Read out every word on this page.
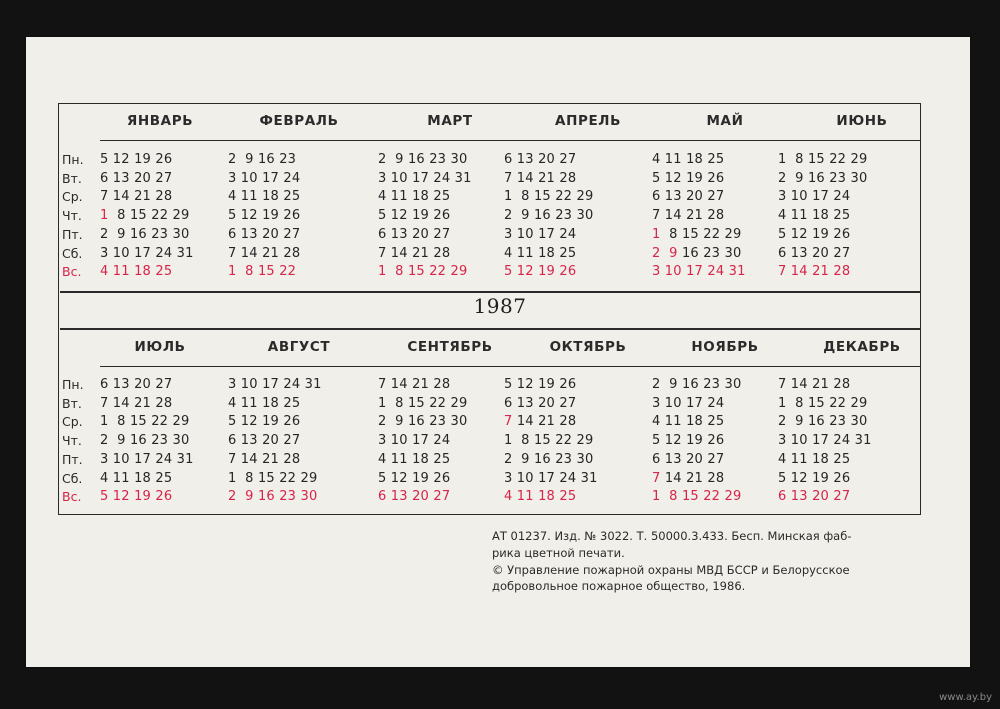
1987
Пн.
Вт.
Ср.
Чт.
Пт.
Сб.
Вс.
ЯНВАРЬ
5 12 19 26
6 13 20 27
7 14 21 28
1  8 15 22 29
2  9 16 23 30
3 10 17 24 31
4 11 18 25
ФЕВРАЛЬ
2  9 16 23
3 10 17 24
4 11 18 25
5 12 19 26
6 13 20 27
7 14 21 28
1  8 15 22
МАРТ
2  9 16 23 30
3 10 17 24 31
4 11 18 25
5 12 19 26
6 13 20 27
7 14 21 28
1  8 15 22 29
АПРЕЛЬ
6 13 20 27
7 14 21 28
1  8 15 22 29
2  9 16 23 30
3 10 17 24
4 11 18 25
5 12 19 26
МАЙ
4 11 18 25
5 12 19 26
6 13 20 27
7 14 21 28
1  8 15 22 29
2  9 16 23 30
3 10 17 24 31
ИЮНЬ
1  8 15 22 29
2  9 16 23 30
3 10 17 24
4 11 18 25
5 12 19 26
6 13 20 27
7 14 21 28
Пн.
Вт.
Ср.
Чт.
Пт.
Сб.
Вс.
ИЮЛЬ
6 13 20 27
7 14 21 28
1  8 15 22 29
2  9 16 23 30
3 10 17 24 31
4 11 18 25
5 12 19 26
АВГУСТ
3 10 17 24 31
4 11 18 25
5 12 19 26
6 13 20 27
7 14 21 28
1  8 15 22 29
2  9 16 23 30
СЕНТЯБРЬ
7 14 21 28
1  8 15 22 29
2  9 16 23 30
3 10 17 24
4 11 18 25
5 12 19 26
6 13 20 27
ОКТЯБРЬ
5 12 19 26
6 13 20 27
7 14 21 28
1  8 15 22 29
2  9 16 23 30
3 10 17 24 31
4 11 18 25
НОЯБРЬ
2  9 16 23 30
3 10 17 24
4 11 18 25
5 12 19 26
6 13 20 27
7 14 21 28
1  8 15 22 29
ДЕКАБРЬ
7 14 21 28
1  8 15 22 29
2  9 16 23 30
3 10 17 24 31
4 11 18 25
5 12 19 26
6 13 20 27
АТ 01237. Изд. № 3022. Т. 50000.3.433. Бесп. Минская фаб-
рика цветной печати.
© Управление пожарной охраны МВД БССР и Белорусское
добровольное пожарное общество, 1986.
www.ay.by
